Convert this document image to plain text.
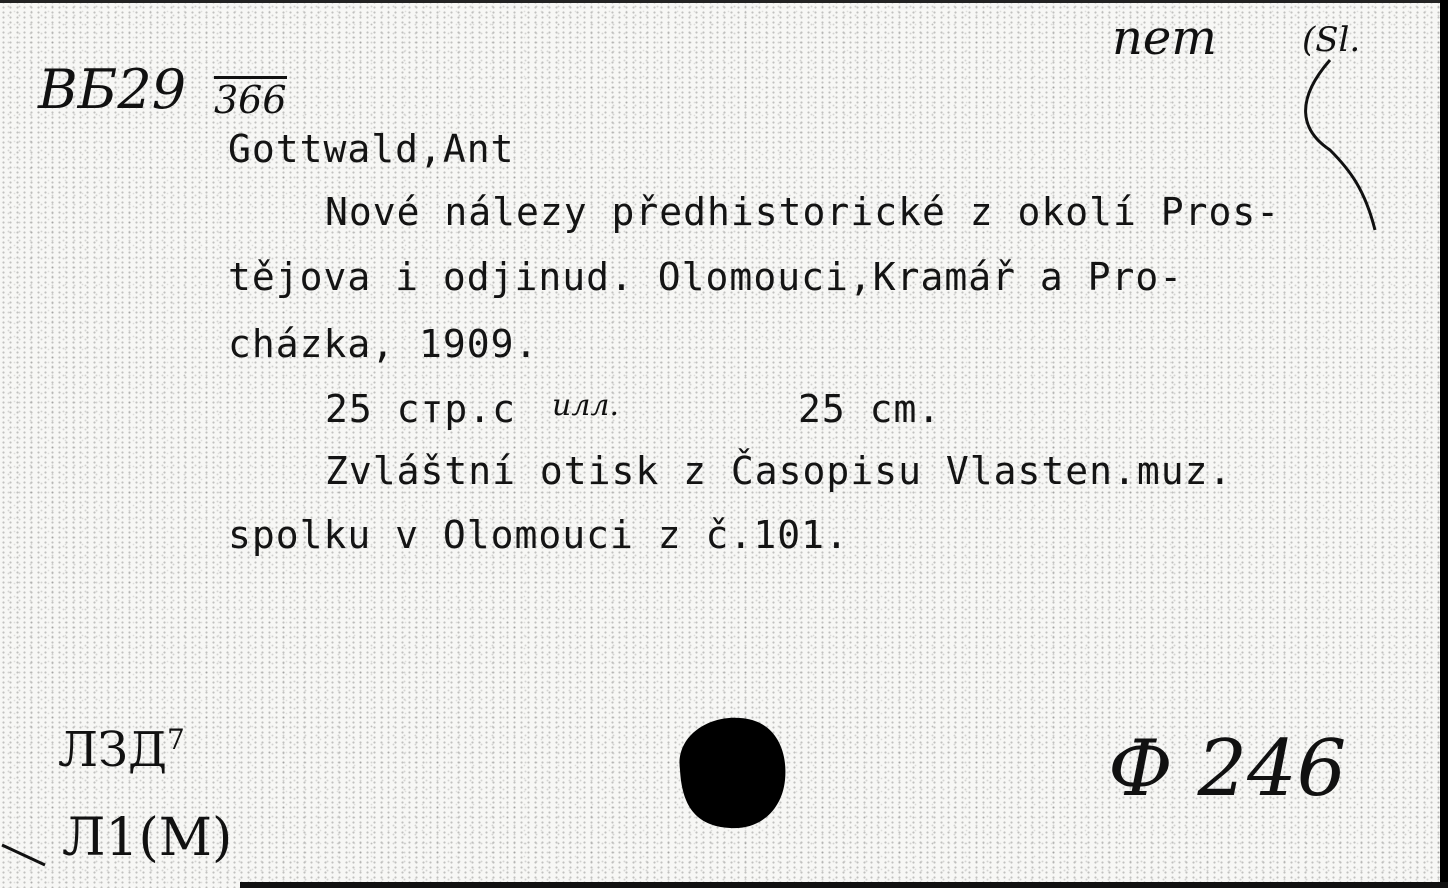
ВБ29 366
nem	(Sl.
Gottwald,Ant
Nové nálezy předhistorické z okolí Pros-
tějova i odjinud. Olomouci,Kramář a Pro-
cházka, 1909.
25 стр.с илл.	25 cm.
Zvláštní otisk z Časopisu Vlasten.muz.
spolku v Olomouci z č.101.
ЛЗД$^7$
Л1(М)
Ф 246
